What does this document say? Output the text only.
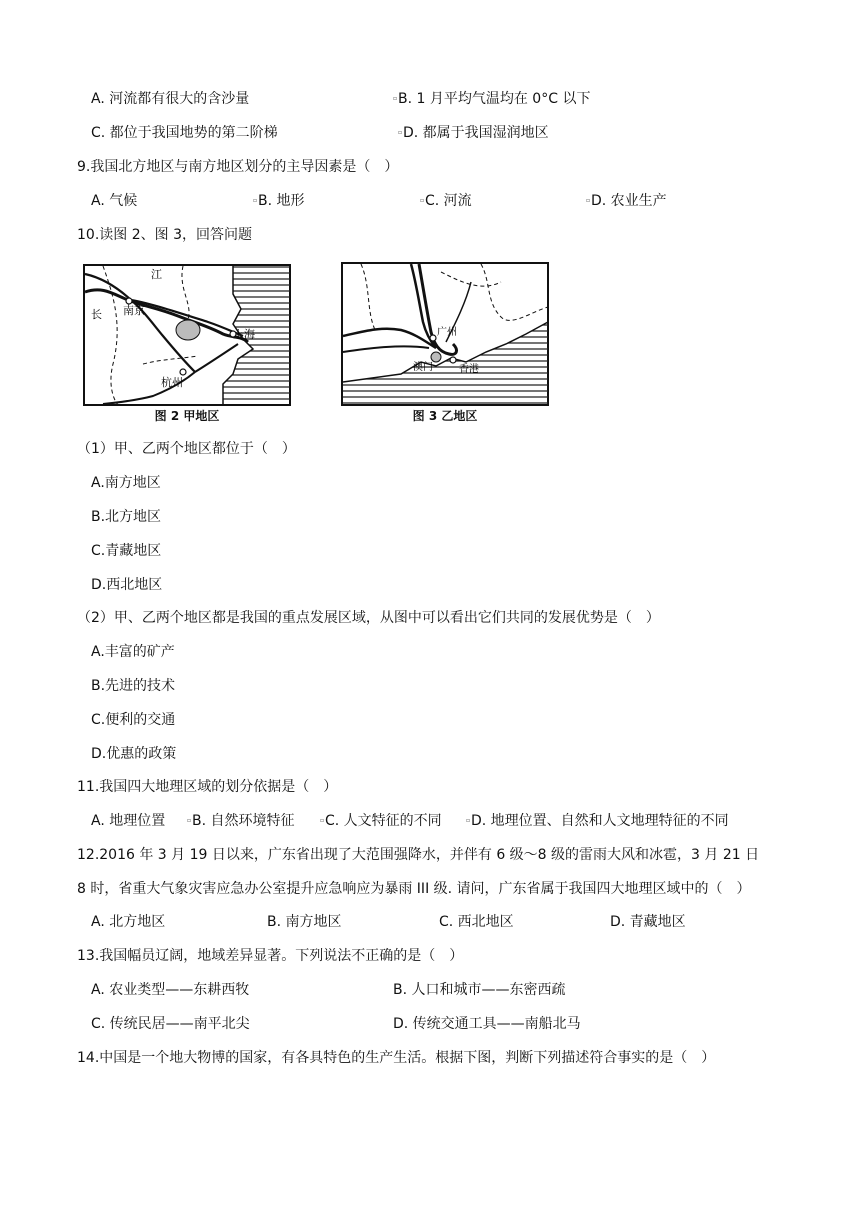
A. 河流都有很大的含沙量	▫ B. 1 月平均气温均在 0°C 以下
C. 都位于我国地势的第二阶梯	▫ D. 都属于我国湿润地区
9.我国北方地区与南方地区划分的主导因素是（　）
A. 气候	▫ B. 地形	▫ C. 河流	▫ D. 农业生产
10.读图 2、图 3，回答问题
江
长 南京
上海
杭州
图 2 甲地区
广州
澳门	香港
图 3 乙地区
（1）甲、乙两个地区都位于（　）
A.南方地区
B.北方地区
C.青藏地区
D.西北地区
（2）甲、乙两个地区都是我国的重点发展区域，从图中可以看出它们共同的发展优势是（　）
A.丰富的矿产
B.先进的技术
C.便利的交通
D.优惠的政策
11.我国四大地理区域的划分依据是（　）
A. 地理位置	▫ B. 自然环境特征	▫ C. 人文特征的不同	▫ D. 地理位置、自然和人文地理特征的不同
12.2016 年 3 月 19 日以来，广东省出现了大范围强降水，并伴有 6 级～8 级的雷雨大风和冰雹，3 月 21 日
8 时，省重大气象灾害应急办公室提升应急响应为暴雨 III 级. 请问，广东省属于我国四大地理区域中的（　）
A. 北方地区	B. 南方地区	C. 西北地区	D. 青藏地区
13.我国幅员辽阔，地域差异显著。下列说法不正确的是（　）
A. 农业类型——东耕西牧	B. 人口和城市——东密西疏
C. 传统民居——南平北尖	D. 传统交通工具——南船北马
14.中国是一个地大物博的国家，有各具特色的生产生活。根据下图，判断下列描述符合事实的是（　）
